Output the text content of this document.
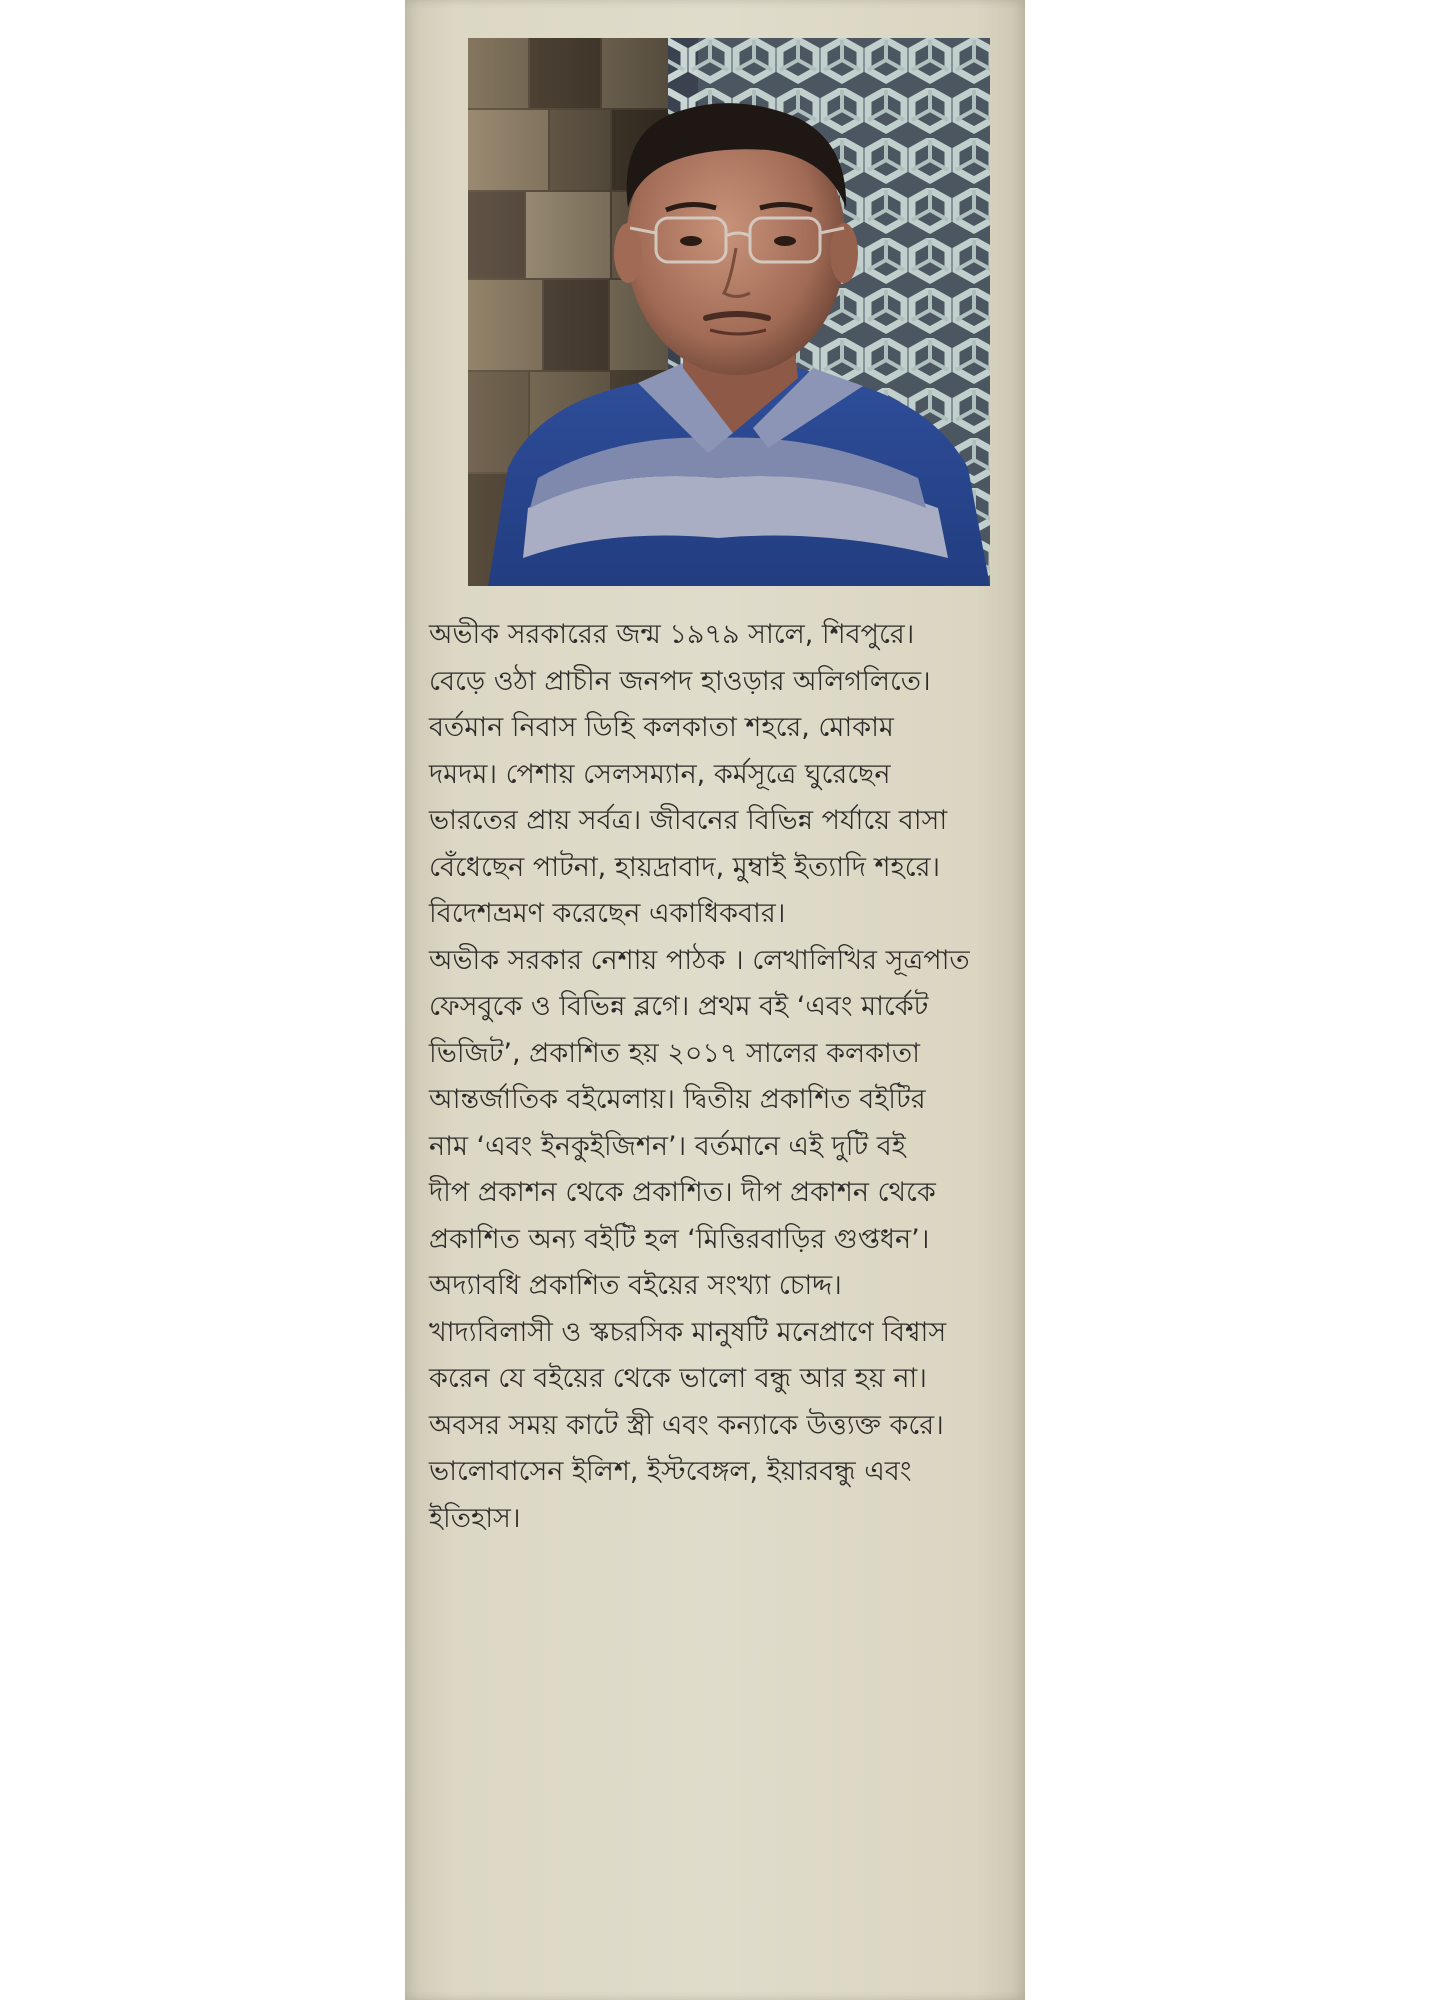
অভীক সরকারের জন্ম ১৯৭৯ সালে, শিবপুরে।
বেড়ে ওঠা প্রাচীন জনপদ হাওড়ার অলিগলিতে।
বর্তমান নিবাস ডিহি কলকাতা শহরে, মোকাম
দমদম। পেশায় সেলসম্যান, কর্মসূত্রে ঘুরেছেন
ভারতের প্রায় সর্বত্র। জীবনের বিভিন্ন পর্যায়ে বাসা
বেঁধেছেন পাটনা, হায়দ্রাবাদ, মুম্বাই ইত্যাদি শহরে।
বিদেশভ্রমণ করেছেন একাধিকবার।
অভীক সরকার নেশায় পাঠক । লেখালিখির সূত্রপাত
ফেসবুকে ও বিভিন্ন ব্লগে। প্রথম বই ‘এবং মার্কেট
ভিজিট’, প্রকাশিত হয় ২০১৭ সালের কলকাতা
আন্তর্জাতিক বইমেলায়। দ্বিতীয় প্রকাশিত বইটির
নাম ‘এবং ইনকুইজিশন’। বর্তমানে এই দুটি বই
দীপ প্রকাশন থেকে প্রকাশিত। দীপ প্রকাশন থেকে
প্রকাশিত অন্য বইটি হল ‘মিত্তিরবাড়ির গুপ্তধন’।
অদ্যাবধি প্রকাশিত বইয়ের সংখ্যা চোদ্দ।
খাদ্যবিলাসী ও স্কচরসিক মানুষটি মনেপ্রাণে বিশ্বাস
করেন যে বইয়ের থেকে ভালো বন্ধু আর হয় না।
অবসর সময় কাটে স্ত্রী এবং কন্যাকে উত্ত্যক্ত করে।
ভালোবাসেন ইলিশ, ইস্টবেঙ্গল, ইয়ারবন্ধু এবং
ইতিহাস।
